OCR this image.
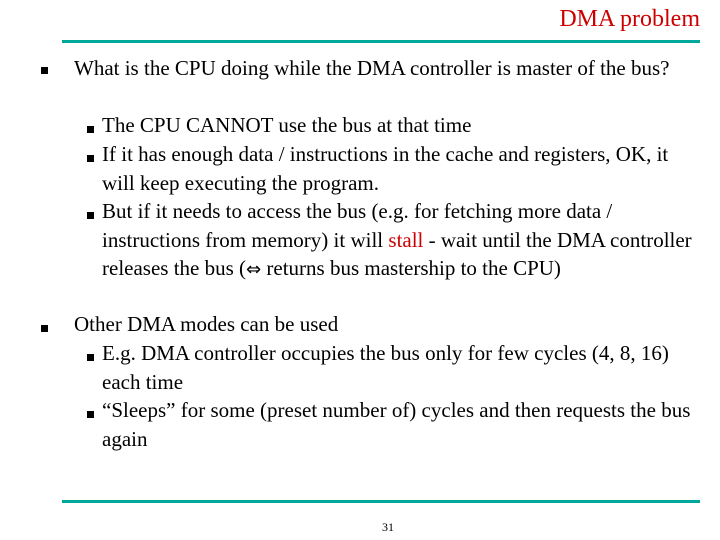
DMA problem
What is the CPU doing while the DMA controller is master of the bus?
The CPU CANNOT use the bus at that time
If it has enough data / instructions in the cache and registers, OK, it will keep executing the program.
But if it needs to access the bus (e.g. for fetching more data / instructions from memory) it will stall - wait until the DMA controller releases the bus (⇔ returns bus mastership to the CPU)
Other DMA modes can be used
E.g. DMA controller occupies the bus only for few cycles (4, 8, 16) each time
“Sleeps” for some (preset number of) cycles and then requests the bus again
31
